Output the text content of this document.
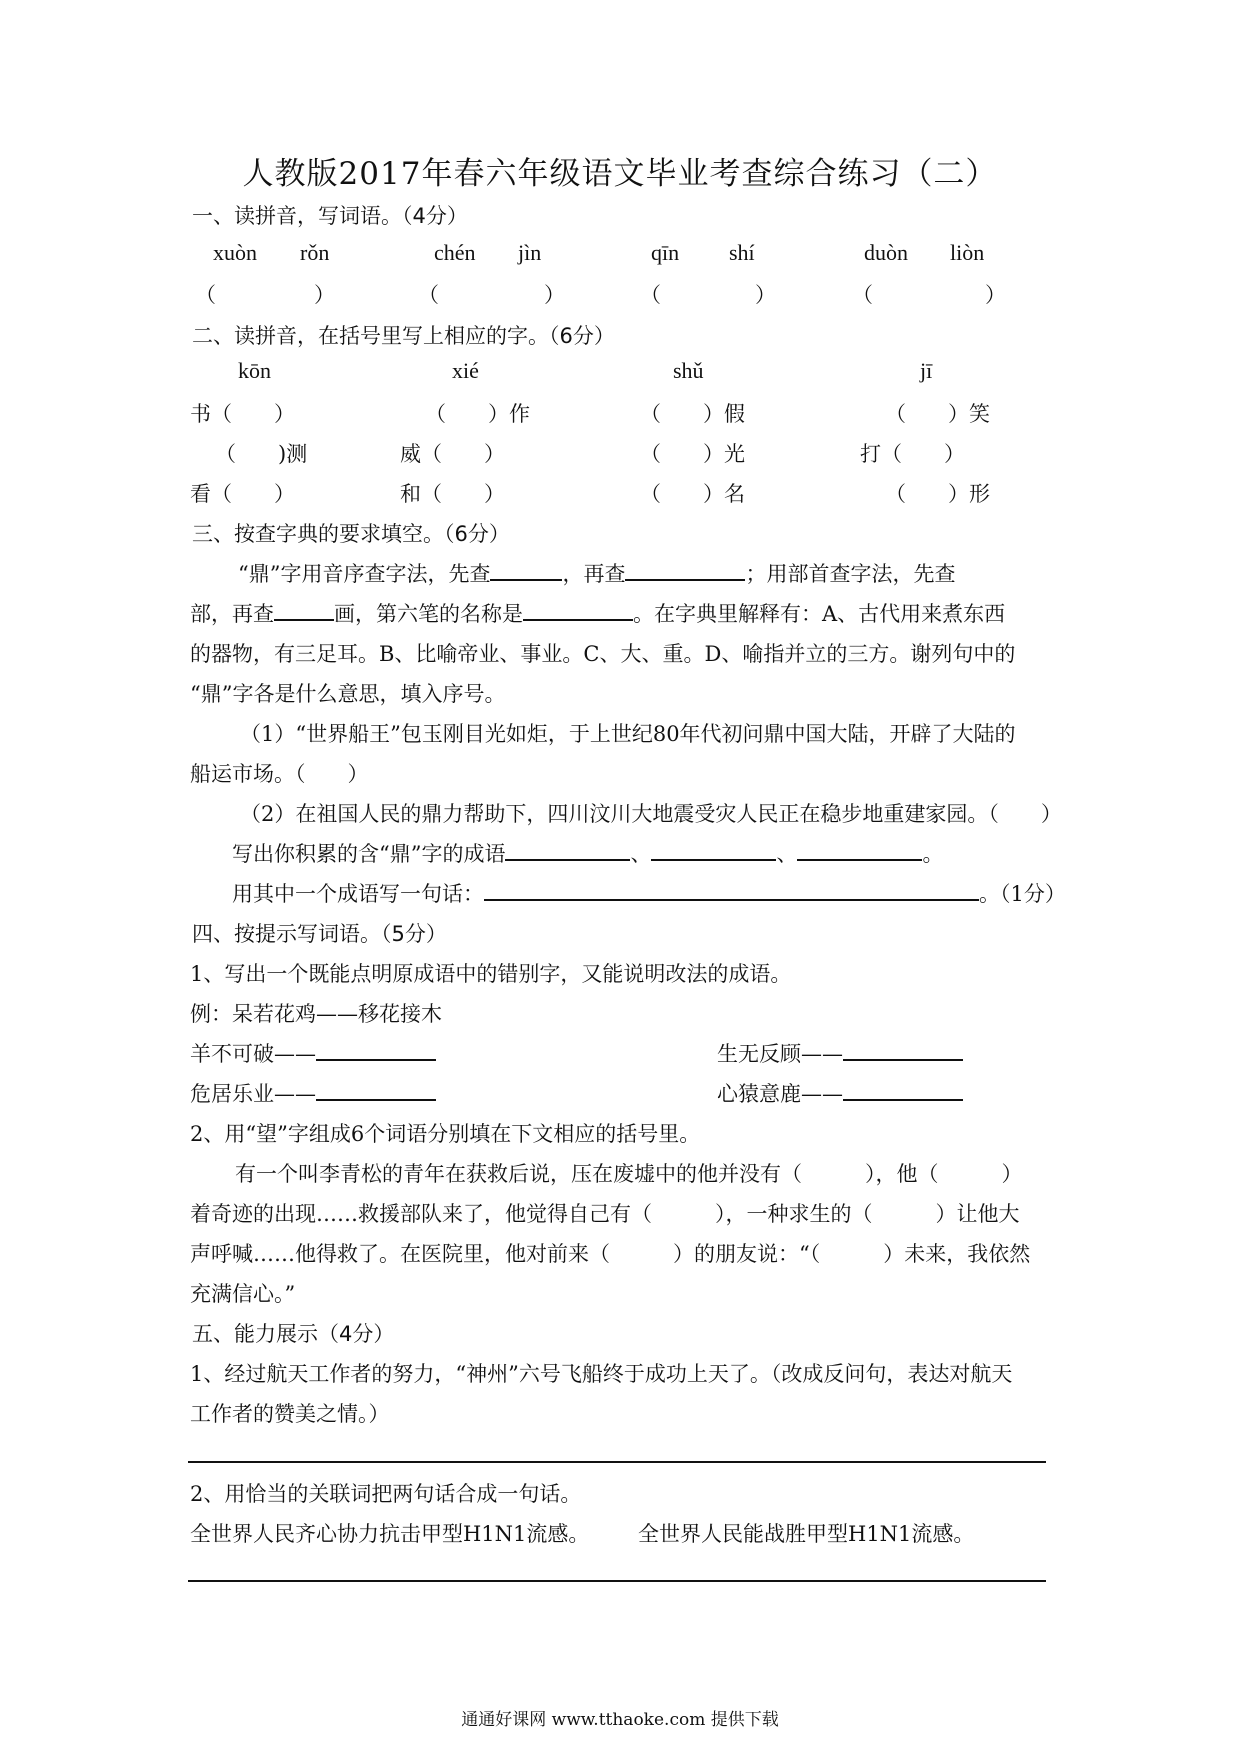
人教版2017年春六年级语文毕业考查综合练习（二）
一、读拼音，写词语。（4分）
xuòn rǒn	chén jìn	qīn shí	duòn liòn
（	）	（	）	（	）	（	）
二、读拼音，在括号里写上相应的字。（6分）
kōn	xié	shǔ	jī
书（　　）	（　　）作	（　　）假	（　　）笑
（　　)测	威（　　）	（　　）光	打（　　）
看（　　）	和（　　）	（　　）名	（　　）形
三、按查字典的要求填空。（6分）
“鼎”字用音序查字法，先查	，再查	；用部首查字法，先查
部，再查	画，第六笔的名称是	。在字典里解释有：A、古代用来煮东西
的器物，有三足耳。B、比喻帝业、事业。C、大、重。D、喻指并立的三方。谢列句中的
“鼎”字各是什么意思，填入序号。
（1）“世界船王”包玉刚目光如炬，于上世纪80年代初问鼎中国大陆，开辟了大陆的
船运市场。（　　）
（2）在祖国人民的鼎力帮助下，四川汶川大地震受灾人民正在稳步地重建家园。（　　）
写出你积累的含“鼎”字的成语	、	、	。
用其中一个成语写一句话：	。（1分）
四、按提示写词语。（5分）
1、写出一个既能点明原成语中的错别字，又能说明改法的成语。
例：呆若花鸡——移花接木
羊不可破——	生无反顾——
危居乐业——	心猿意鹿——
2、用“望”字组成6个词语分别填在下文相应的括号里。
有一个叫李青松的青年在获救后说，压在废墟中的他并没有（　　　），他（　　　）
着奇迹的出现……救援部队来了，他觉得自己有（　　　），一种求生的（　　　）让他大
声呼喊……他得救了。在医院里，他对前来（　　　）的朋友说：“（　　　）未来，我依然
充满信心。”
五、能力展示（4分）
1、经过航天工作者的努力，“神州”六号飞船终于成功上天了。（改成反问句，表达对航天
工作者的赞美之情。）
2、用恰当的关联词把两句话合成一句话。
全世界人民齐心协力抗击甲型H1N1流感。 全世界人民能战胜甲型H1N1流感。
通通好课网 www.tthaoke.com 提供下载
